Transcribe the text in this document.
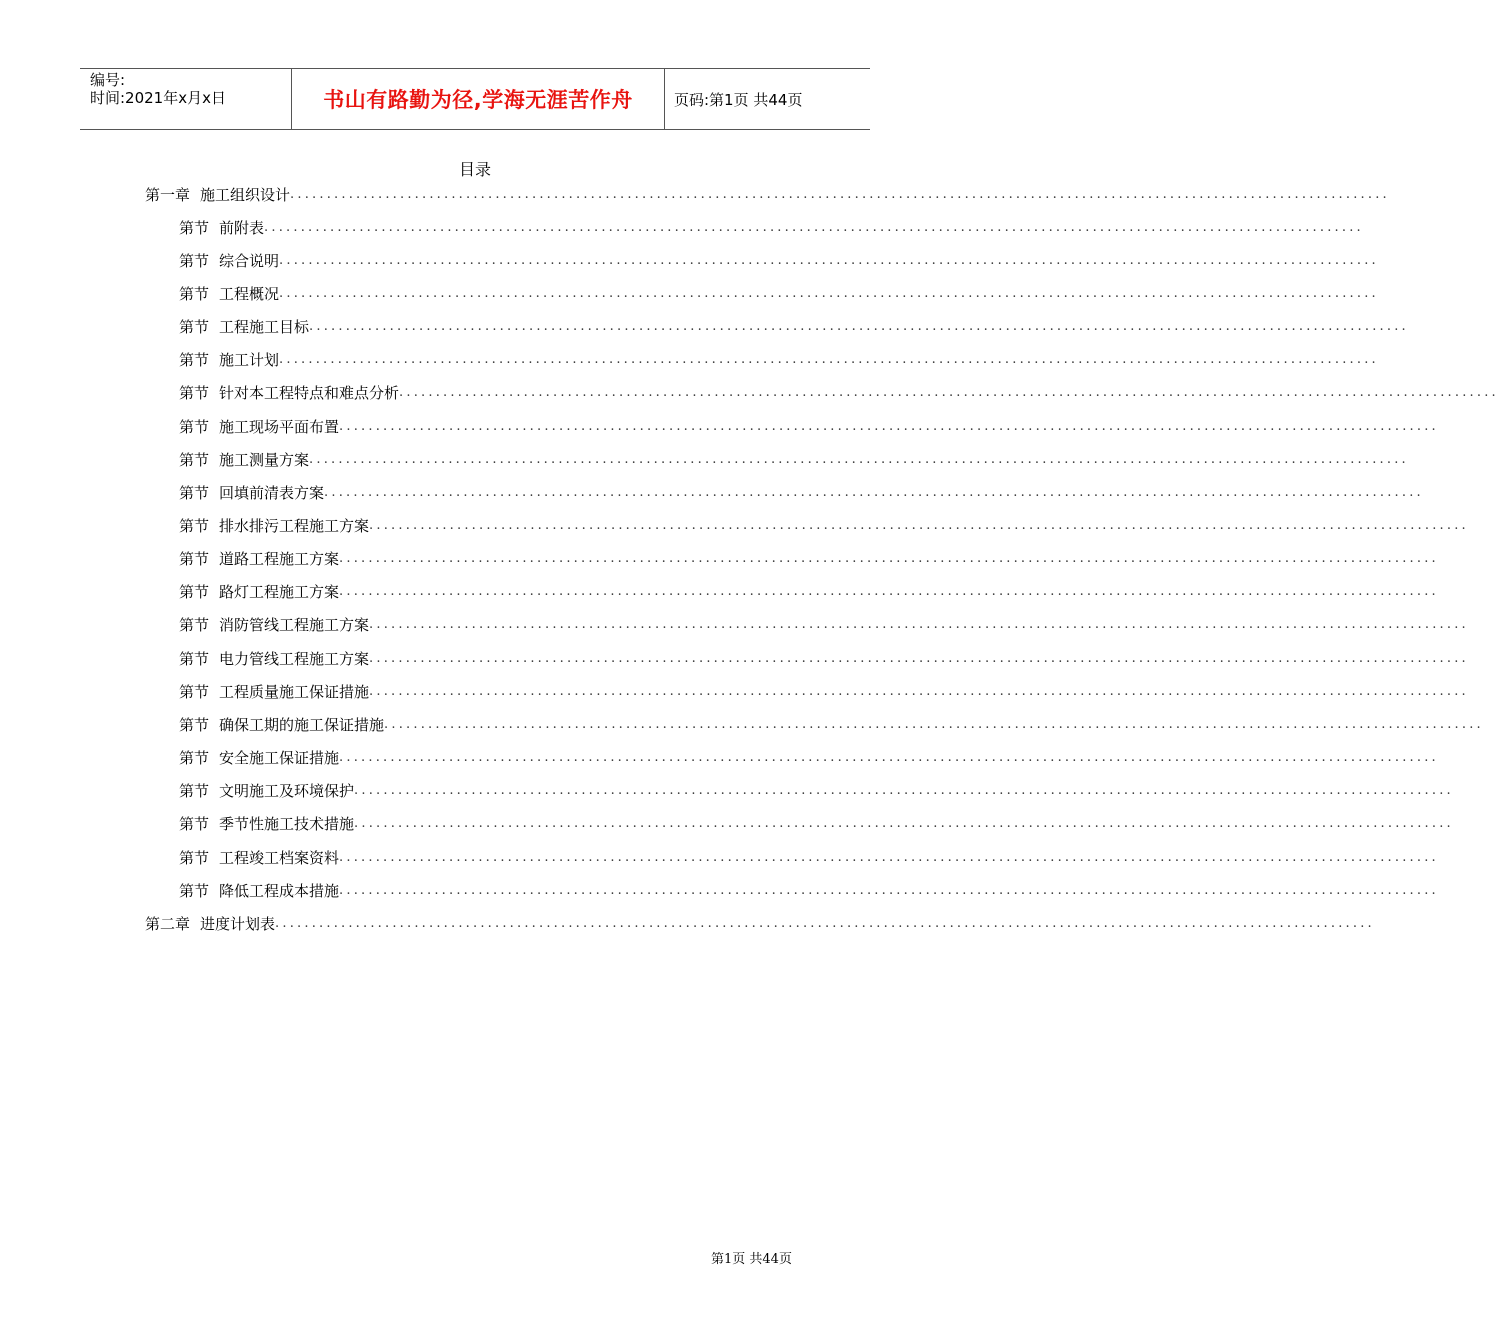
编号:
时间:2021年x月x日	书山有路勤为径,学海无涯苦作舟	页码:第1页 共44页
目录
第一章 施工组织设计 ......................................................................................................................................................
第节 前附表 ......................................................................................................................................................
第节 综合说明 ......................................................................................................................................................
第节 工程概况 ......................................................................................................................................................
第节 工程施工目标 ......................................................................................................................................................
第节 施工计划 ......................................................................................................................................................
第节 针对本工程特点和难点分析 ......................................................................................................................................................
第节 施工现场平面布置 ......................................................................................................................................................
第节 施工测量方案 ......................................................................................................................................................
第节 回填前清表方案 ......................................................................................................................................................
第节 排水排污工程施工方案 ......................................................................................................................................................
第节 道路工程施工方案 ......................................................................................................................................................
第节 路灯工程施工方案 ......................................................................................................................................................
第节 消防管线工程施工方案 ......................................................................................................................................................
第节 电力管线工程施工方案 ......................................................................................................................................................
第节 工程质量施工保证措施 ......................................................................................................................................................
第节 确保工期的施工保证措施 ......................................................................................................................................................
第节 安全施工保证措施 ......................................................................................................................................................
第节 文明施工及环境保护 ......................................................................................................................................................
第节 季节性施工技术措施 ......................................................................................................................................................
第节 工程竣工档案资料 ......................................................................................................................................................
第节 降低工程成本措施 ......................................................................................................................................................
第二章 进度计划表 ......................................................................................................................................................
第1页 共44页
